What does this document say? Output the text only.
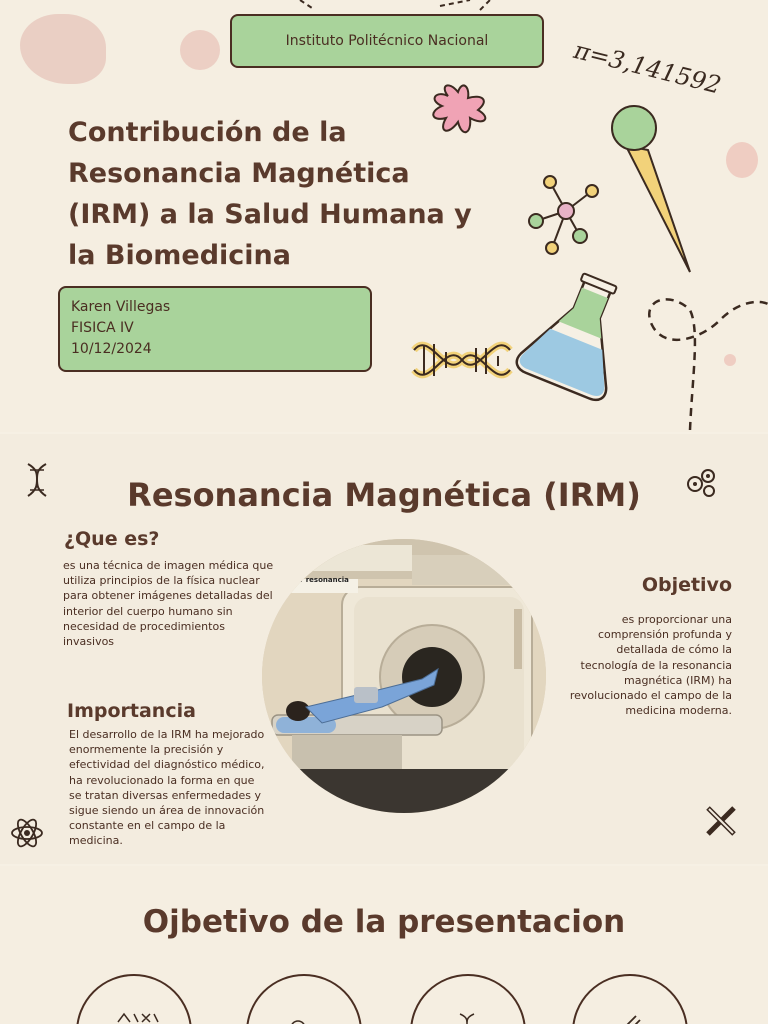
Instituto Politécnico Nacional
Contribución de la Resonancia Magnética (IRM) a la Salud Humana y la Biomedicina
Karen Villegas
FISICA IV
10/12/2024
π=3,141592
Resonancia Magnética (IRM)
¿Que es?

es una técnica de imagen médica que utiliza principios de la física nuclear para obtener imágenes detalladas del interior del cuerpo humano sin necesidad de procedimientos invasivos

Importancia

El desarrollo de la IRM ha mejorado enormemente la precisión y efectividad del diagnóstico médico, ha revolucionado la forma en que se tratan diversas enfermedades y sigue siendo un área de innovación constante en el campo de la medicina.

Objetivo

es proporcionar una comprensión profunda y detallada de cómo la tecnología de la resonancia magnética (IRM) ha revolucionado el campo de la medicina moderna.

por resonancia
Ojbetivo de la presentacion
